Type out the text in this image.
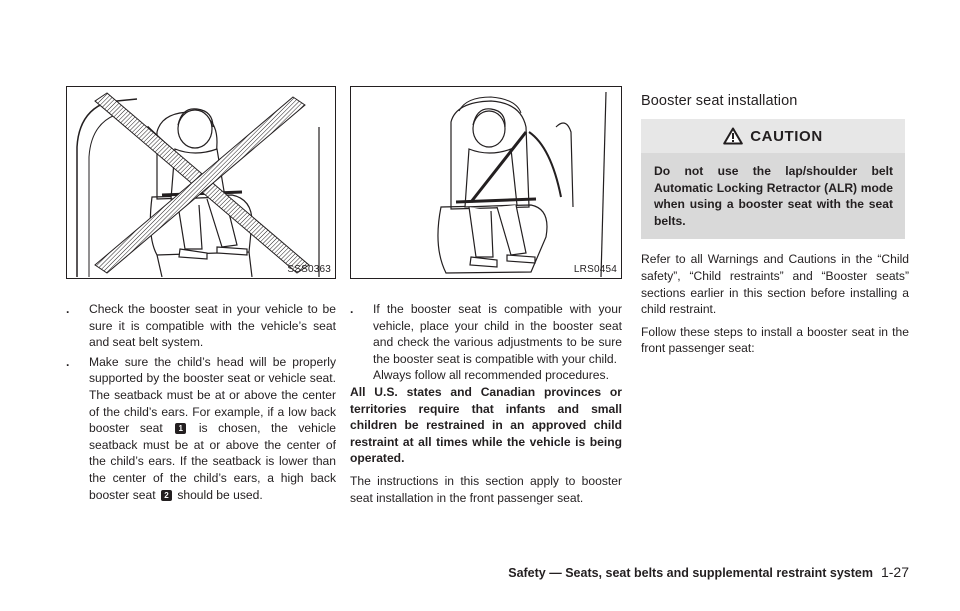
SSS0363

.
Check the booster seat in your vehicle to be sure it is compatible with the vehicle’s seat and seat belt system.

.
Make sure the child’s head will be properly supported by the booster seat or vehicle seat. The seatback must be at or above the center of the child’s ears. For example, if a low back booster seat 1 is chosen, the vehicle seatback must be at or above the center of the child’s ears. If the seatback is lower than the center of the child’s ears, a high back booster seat 2 should be used.

LRS0454

.
If the booster seat is compatible with your vehicle, place your child in the booster seat and check the various adjustments to be sure the booster seat is compatible with your child.

Always follow all recommended procedures.

All U.S. states and Canadian provinces or territories require that infants and small children be restrained in an approved child restraint at all times while the vehicle is being operated.

The instructions in this section apply to booster seat installation in the front passenger seat.

Booster seat installation
CAUTION

Do not use the lap/shoulder belt Automatic Locking Retractor (ALR) mode when using a booster seat with the seat belts.

Refer to all Warnings and Cautions in the “Child safety”, “Child restraints” and “Booster seats” sections earlier in this section before installing a child restraint.

Follow these steps to install a booster seat in the front passenger seat:

Safety — Seats, seat belts and supplemental restraint system 1-27
